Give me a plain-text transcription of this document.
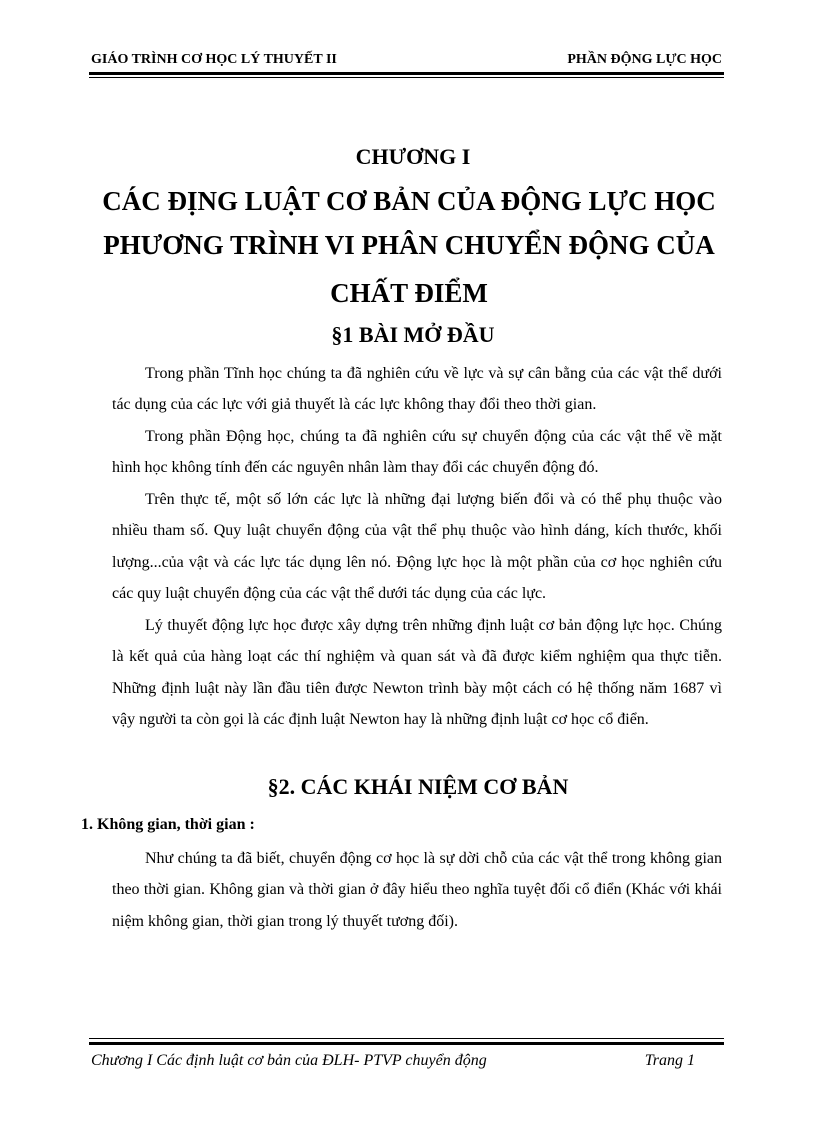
GIÁO TRÌNH CƠ HỌC LÝ THUYẾT II	PHẦN ĐỘNG LỰC HỌC
CHƯƠNG I
CÁC ĐỊNG LUẬT CƠ BẢN CỦA ĐỘNG LỰC HỌC
PHƯƠNG TRÌNH VI PHÂN CHUYỂN ĐỘNG CỦA
CHẤT ĐIỂM
§1 BÀI MỞ ĐẦU

Trong phần Tĩnh học chúng ta đã nghiên cứu về lực và sự cân bằng của các vật thể dưới tác dụng của các lực với giả thuyết là các lực không thay đổi theo thời gian.

Trong phần Động học, chúng ta đã nghiên cứu sự chuyển động của các vật thể về mặt hình học không tính đến các nguyên nhân làm thay đổi các chuyển động đó.

Trên thực tế, một số lớn các lực là những đại lượng biến đổi và có thể phụ thuộc vào nhiều tham số. Quy luật chuyển động của vật thể phụ thuộc vào hình dáng, kích thước, khối lượng...của vật và các lực tác dụng lên nó. Động lực học là một phần của cơ học nghiên cứu các quy luật chuyển động của các vật thể dưới tác dụng của các lực.

Lý thuyết động lực học được xây dựng trên những định luật cơ bản động lực học. Chúng là kết quả của hàng loạt các thí nghiệm và quan sát và đã được kiểm nghiệm qua thực tiễn. Những định luật này lần đầu tiên được Newton trình bày một cách có hệ thống năm 1687 vì vậy người ta còn gọi là các định luật Newton hay là những định luật cơ học cổ điển.

§2. CÁC KHÁI NIỆM CƠ BẢN
1. Không gian, thời gian :

Như chúng ta đã biết, chuyển động cơ học là sự dời chỗ của các vật thể trong không gian theo thời gian. Không gian và thời gian ở đây hiểu theo nghĩa tuyệt đối cổ điển (Khác với khái niệm không gian, thời gian trong lý thuyết tương đối).

Chương I Các định luật cơ bản của ĐLH- PTVP chuyển động	Trang 1
